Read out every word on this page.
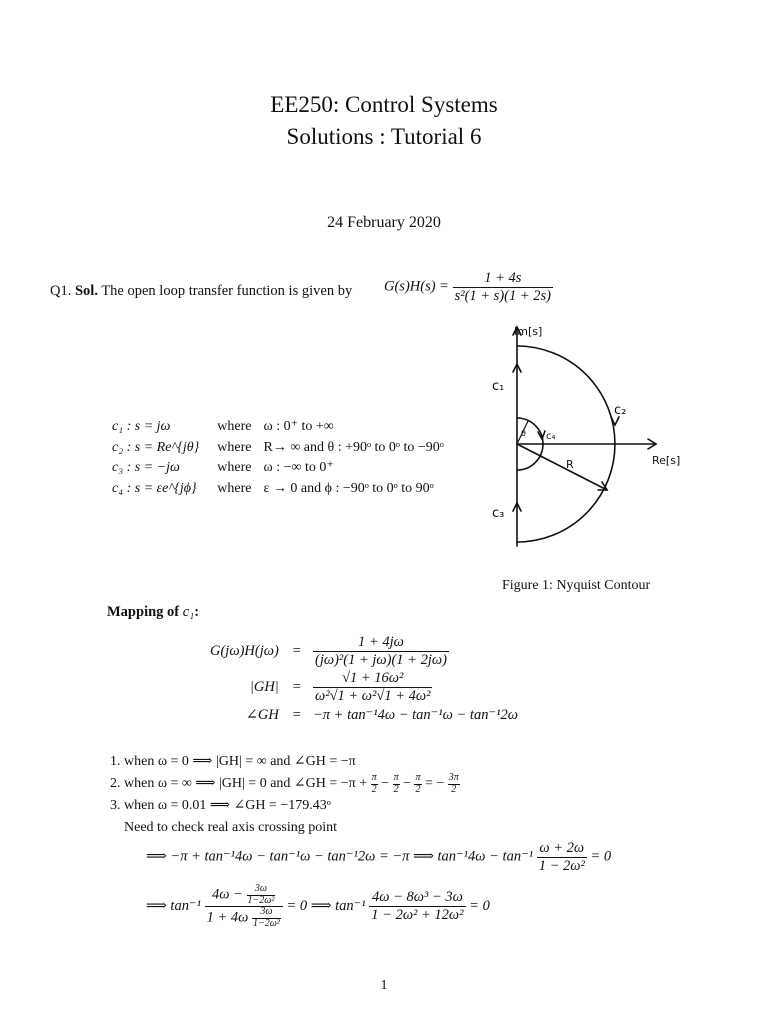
EE250: Control Systems
Solutions : Tutorial 6
24 February 2020
Q1. Sol. The open loop transfer function is given by $G(s)H(s) = \frac{1 + 4s}{\text{s²(1 + s)(1 + 2s)}}$
c₁ : s = jω	where	ω : 0⁺ to +∞
c₂ : s = Re^{jθ}	where	R→ ∞ and θ : +90ᵒ to 0ᵒ to −90ᵒ
c₃ : s = −jω	where	ω : −∞ to 0⁺
c₄ : s = εe^{jϕ}	where	ε → 0 and ϕ : −90ᵒ to 0ᵒ to 90ᵒ
Im[s]
Re[s]
c₁
c₂
c₃
c₄
R
θ
Figure 1: Nyquist Contour
Mapping of c₁:
G(jω)H(jω)	=	$\frac{1 + 4j\omega}{\text{(jω)²(1 + jω)(1 + 2jω)}}$

|GH|	=	$\frac{\text{√1 + 16ω²}}{\text{ω²√1 + ω²√1 + 4ω²}}$

∠GH	=	−π + tan⁻¹4ω − tan⁻¹ω − tan⁻¹2ω
1. when ω = 0 ⟹ |GH| = ∞ and ∠GH = −π
2. when ω = ∞ ⟹ |GH| = 0 and ∠GH = $-\pi + \frac{\pi}{2} - \frac{\pi}{2} - \frac{\pi}{2}$ = − $\frac{3\pi}{2}$
3. when ω = 0.01 ⟹ ∠GH = −179.43ᵒ
Need to check real axis crossing point
⟹ −π + tan⁻¹4ω − tan⁻¹ω − tan⁻¹2ω = −π ⟹ $\tan^{-1}4\omega - \tan^{-1} \frac{\omega + 2\omega}{\text{1 − 2ω²}} = 0$
⟹ $\tan^{-1} \frac{4\omega - \frac{3\omega}{\text{1−2ω²}}}{1 + 4\omega \frac{3\omega}{\text{1−2ω²}}} = 0$ ⟹ $\tan^{-1} \frac{\text{4ω − 8ω³ − 3ω}}{\text{1 − 2ω² + 12ω²}} = 0$
1
